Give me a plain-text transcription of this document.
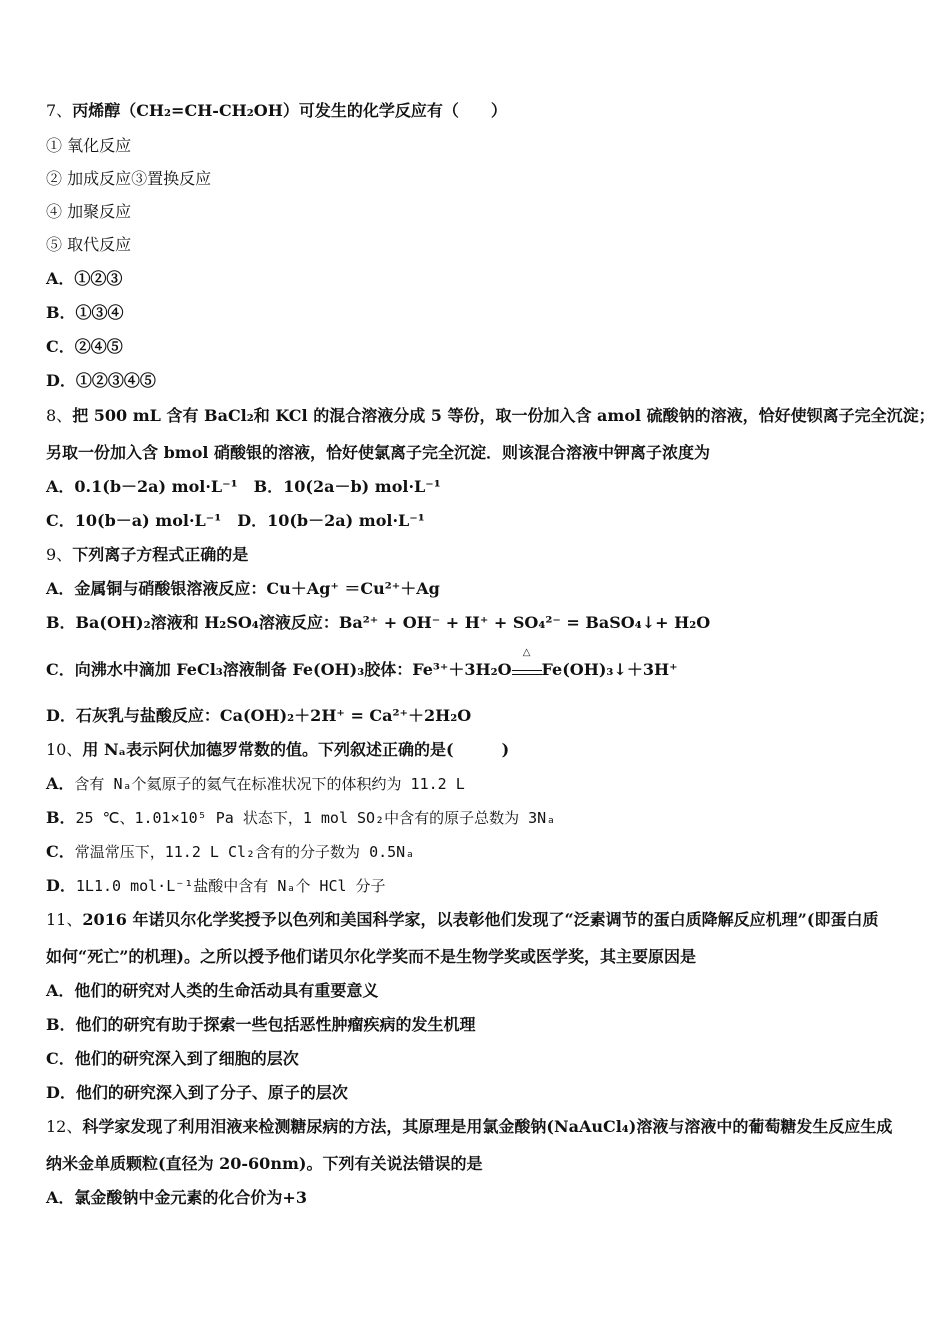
7、丙烯醇（CH₂=CH-CH₂OH）可发生的化学反应有（　　）
① 氧化反应
② 加成反应③置换反应
④ 加聚反应
⑤ 取代反应
A．①②③
B．①③④
C．②④⑤
D．①②③④⑤
8、把 500 mL 含有 BaCl₂和 KCl 的混合溶液分成 5 等份，取一份加入含 amol 硫酸钠的溶液，恰好使钡离子完全沉淀；
另取一份加入含 bmol 硝酸银的溶液，恰好使氯离子完全沉淀．则该混合溶液中钾离子浓度为
A．0.1(b－2a) mol·L⁻¹　B．10(2a－b) mol·L⁻¹
C．10(b－a) mol·L⁻¹　D．10(b－2a) mol·L⁻¹
9、下列离子方程式正确的是
A．金属铜与硝酸银溶液反应：Cu＋Ag⁺ ＝Cu²⁺＋Ag
B．Ba(OH)₂溶液和 H₂SO₄溶液反应：Ba²⁺ + OH⁻ + H⁺ + SO₄²⁻ = BaSO₄↓+ H₂O
C．向沸水中滴加 FeCl₃溶液制备 Fe(OH)₃胶体：Fe³⁺＋3H₂O
△
Fe(OH)₃↓＋3H⁺
D．石灰乳与盐酸反应：Ca(OH)₂＋2H⁺ = Ca²⁺＋2H₂O
10、用 Nₐ表示阿伏加德罗常数的值。下列叙述正确的是(　　　)
A．含有 Nₐ个氦原子的氦气在标准状况下的体积约为 11.2 L
B．25 ℃、1.01×10⁵ Pa 状态下，1 mol SO₂中含有的原子总数为 3Nₐ
C．常温常压下，11.2 L Cl₂含有的分子数为 0.5Nₐ
D．1L1.0 mol·L⁻¹盐酸中含有 Nₐ个 HCl 分子
11、2016 年诺贝尔化学奖授予以色列和美国科学家，以表彰他们发现了“泛素调节的蛋白质降解反应机理”(即蛋白质
如何“死亡”的机理)。之所以授予他们诺贝尔化学奖而不是生物学奖或医学奖，其主要原因是
A．他们的研究对人类的生命活动具有重要意义
B．他们的研究有助于探索一些包括恶性肿瘤疾病的发生机理
C．他们的研究深入到了细胞的层次
D．他们的研究深入到了分子、原子的层次
12、科学家发现了利用泪液来检测糖尿病的方法，其原理是用氯金酸钠(NaAuCl₄)溶液与溶液中的葡萄糖发生反应生成
纳米金单质颗粒(直径为 20-60nm)。下列有关说法错误的是
A．氯金酸钠中金元素的化合价为+3
